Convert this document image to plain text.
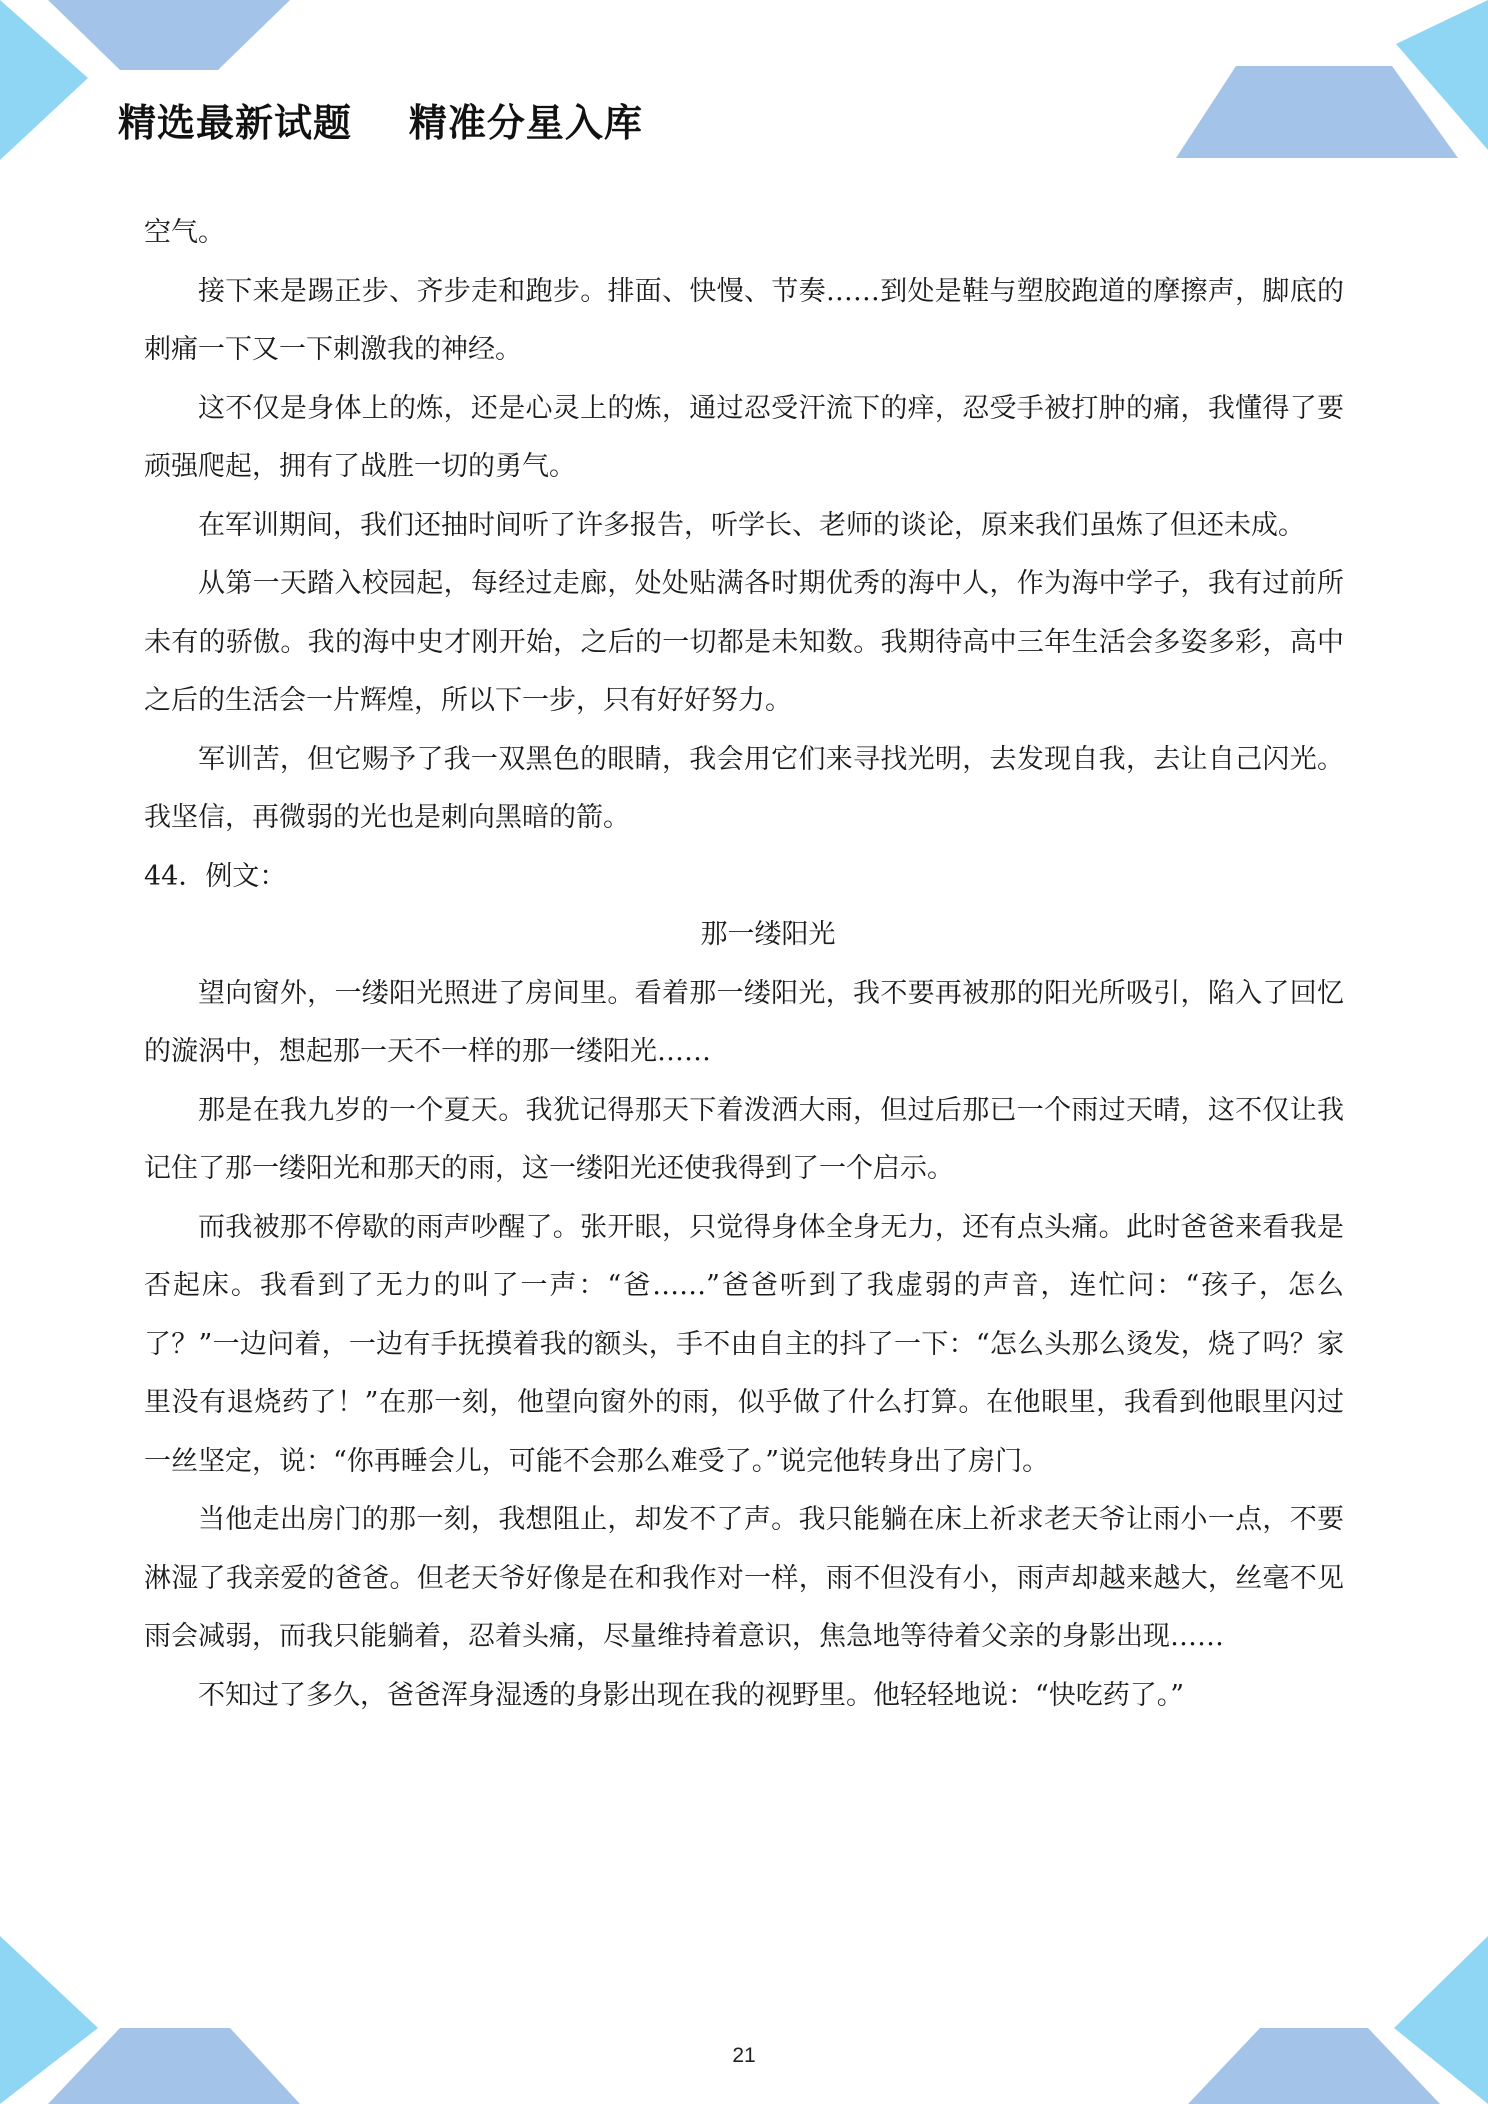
精选最新试题    精准分星入库

空气。

接下来是踢正步、齐步走和跑步。排面、快慢、节奏……到处是鞋与塑胶跑道的摩擦声，脚底的刺痛一下又一下刺激我的神经。

这不仅是身体上的炼，还是心灵上的炼，通过忍受汗流下的痒，忍受手被打肿的痛，我懂得了要顽强爬起，拥有了战胜一切的勇气。

在军训期间，我们还抽时间听了许多报告，听学长、老师的谈论，原来我们虽炼了但还未成。

从第一天踏入校园起，每经过走廊，处处贴满各时期优秀的海中人，作为海中学子，我有过前所未有的骄傲。我的海中史才刚开始，之后的一切都是未知数。我期待高中三年生活会多姿多彩，高中之后的生活会一片辉煌，所以下一步，只有好好努力。

军训苦，但它赐予了我一双黑色的眼睛，我会用它们来寻找光明，去发现自我，去让自己闪光。我坚信，再微弱的光也是刺向黑暗的箭。

44．例文：

那一缕阳光

望向窗外，一缕阳光照进了房间里。看着那一缕阳光，我不要再被那的阳光所吸引，陷入了回忆的漩涡中，想起那一天不一样的那一缕阳光……

那是在我九岁的一个夏天。我犹记得那天下着泼洒大雨，但过后那已一个雨过天晴，这不仅让我记住了那一缕阳光和那天的雨，这一缕阳光还使我得到了一个启示。

而我被那不停歇的雨声吵醒了。张开眼，只觉得身体全身无力，还有点头痛。此时爸爸来看我是否起床。我看到了无力的叫了一声：“爸……”爸爸听到了我虚弱的声音，连忙问：“孩子，怎么了？”一边问着，一边有手抚摸着我的额头，手不由自主的抖了一下：“怎么头那么烫发，烧了吗？家里没有退烧药了！”在那一刻，他望向窗外的雨，似乎做了什么打算。在他眼里，我看到他眼里闪过一丝坚定，说：“你再睡会儿，可能不会那么难受了。”说完他转身出了房门。

当他走出房门的那一刻，我想阻止，却发不了声。我只能躺在床上祈求老天爷让雨小一点，不要淋湿了我亲爱的爸爸。但老天爷好像是在和我作对一样，雨不但没有小，雨声却越来越大，丝毫不见雨会减弱，而我只能躺着，忍着头痛，尽量维持着意识，焦急地等待着父亲的身影出现……

不知过了多久，爸爸浑身湿透的身影出现在我的视野里。他轻轻地说：“快吃药了。”

21
